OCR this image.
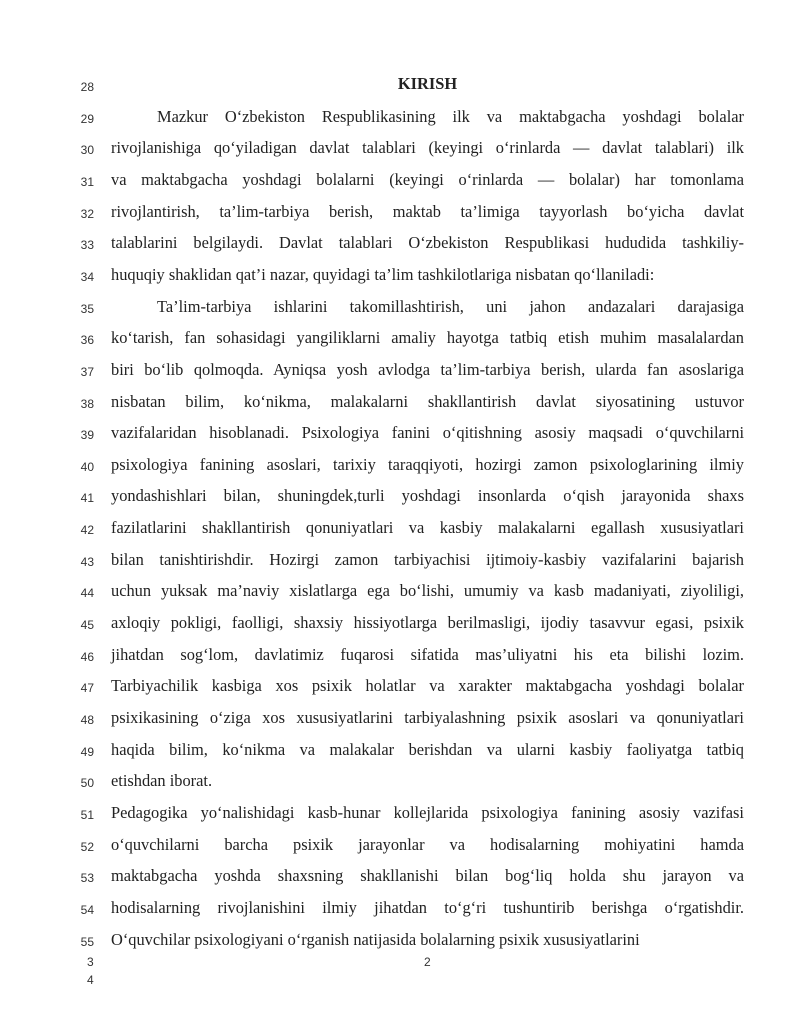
KIRISH
28
29
30
31
32
33
34
35
36
37
38
39
40
41
42
43
44
45
46
47
48
49
50
51
52
53
54
55
Mazkur O‘zbekiston Respublikasining ilk va maktabgacha yoshdagi bolalar
rivojlanishiga qo‘yiladigan davlat talablari (keyingi o‘rinlarda — davlat talablari) ilk
va maktabgacha yoshdagi bolalarni (keyingi o‘rinlarda — bolalar) har tomonlama
rivojlantirish, ta’lim-tarbiya berish, maktab ta’limiga tayyorlash bo‘yicha davlat
talablarini belgilaydi. Davlat talablari O‘zbekiston Respublikasi hududida tashkiliy-
huquqiy shaklidan qat’i nazar, quyidagi ta’lim tashkilotlariga nisbatan qo‘llaniladi:
Ta’lim-tarbiya ishlarini takomillashtirish, uni jahon andazalari darajasiga
ko‘tarish, fan sohasidagi yangiliklarni amaliy hayotga tatbiq etish muhim masalalardan
biri bo‘lib qolmoqda. Ayniqsa yosh avlodga ta’lim-tarbiya berish, ularda fan asoslariga
nisbatan bilim, ko‘nikma, malakalarni shakllantirish davlat siyosatining ustuvor
vazifalaridan hisoblanadi. Psixologiya fanini o‘qitishning asosiy maqsadi o‘quvchilarni
psixologiya fanining asoslari, tarixiy taraqqiyoti, hozirgi zamon psixologlarining ilmiy
yondashishlari bilan, shuningdek,turli yoshdagi insonlarda o‘qish jarayonida shaxs
fazilatlarini shakllantirish qonuniyatlari va kasbiy malakalarni egallash xususiyatlari
bilan tanishtirishdir. Hozirgi zamon tarbiyachisi ijtimoiy-kasbiy vazifalarini bajarish
uchun yuksak ma’naviy xislatlarga ega bo‘lishi, umumiy va kasb madaniyati, ziyoliligi,
axloqiy pokligi, faolligi, shaxsiy hissiyotlarga berilmasligi, ijodiy tasavvur egasi, psixik
jihatdan sog‘lom, davlatimiz fuqarosi sifatida mas’uliyatni his eta bilishi lozim.
Tarbiyachilik kasbiga xos psixik holatlar va xarakter maktabgacha yoshdagi bolalar
psixikasining o‘ziga xos xususiyatlarini tarbiyalashning psixik asoslari va qonuniyatlari
haqida bilim, ko‘nikma va malakalar berishdan va ularni kasbiy faoliyatga tatbiq
etishdan iborat.
Pedagogika yo‘nalishidagi kasb-hunar kollejlarida psixologiya fanining asosiy vazifasi
o‘quvchilarni barcha psixik jarayonlar va hodisalarning mohiyatini hamda
maktabgacha yoshda shaxsning shakllanishi bilan bog‘liq holda shu jarayon va
hodisalarning rivojlanishini ilmiy jihatdan to‘g‘ri tushuntirib berishga o‘rgatishdir.
O‘quvchilar psixologiyani o‘rganish natijasida bolalarning psixik xususiyatlarini
3
4
2
